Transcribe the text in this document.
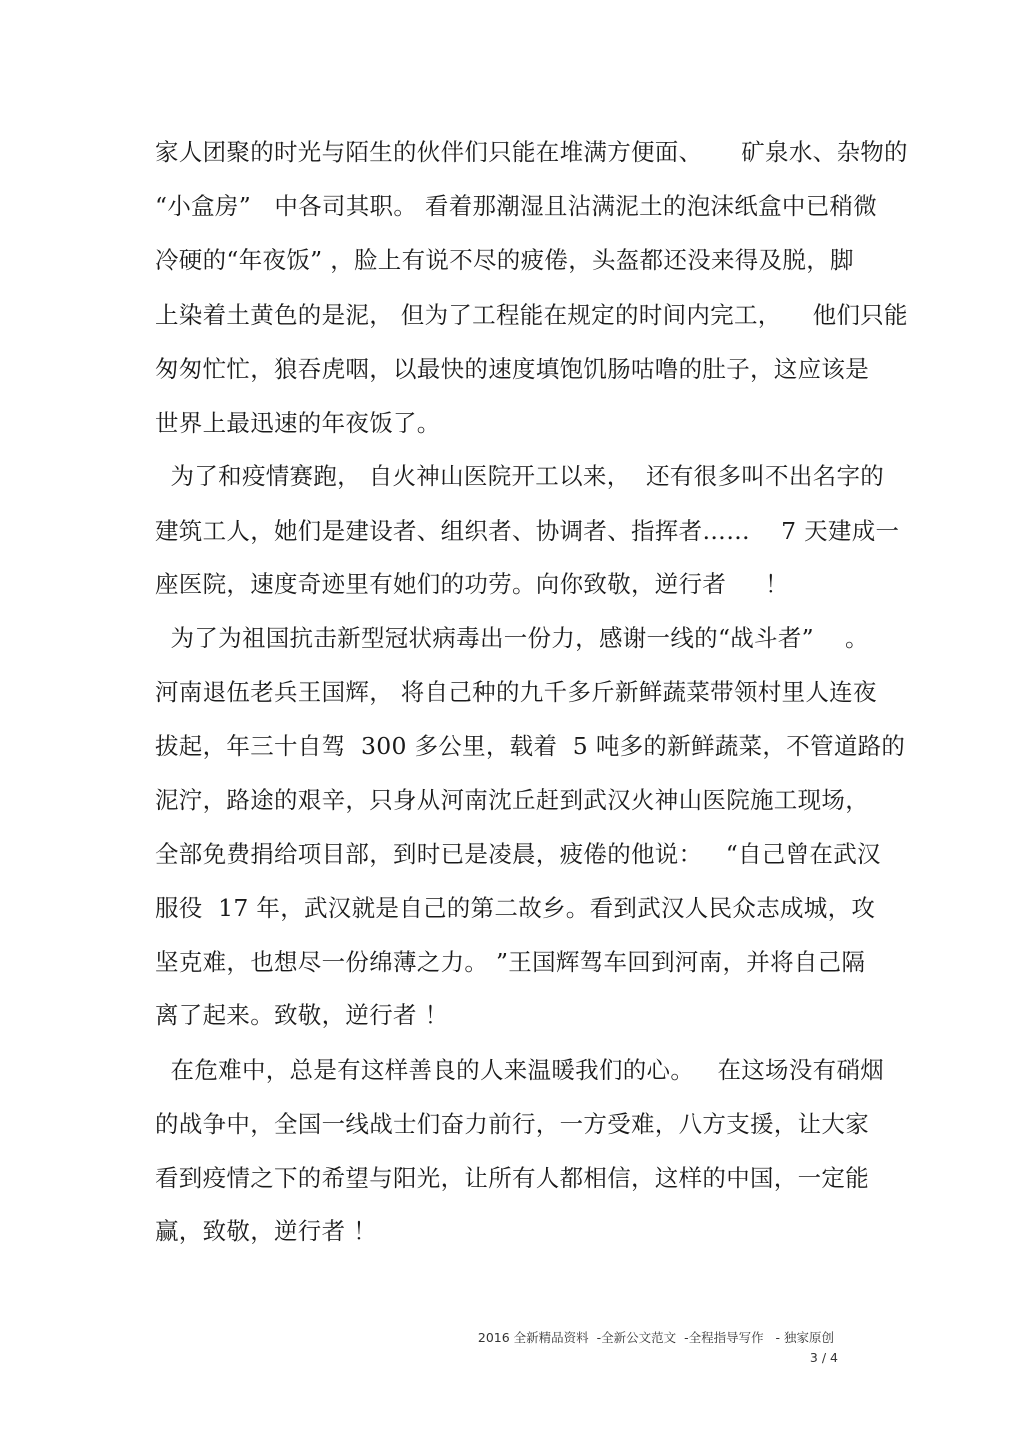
家人团聚的时光与陌生的伙伴们只能在堆满方便面、     矿泉水、杂物的
“小盒房”   中各司其职。 看着那潮湿且沾满泥土的泡沫纸盒中已稍微
冷硬的“年夜饭” ，脸上有说不尽的疲倦，头盔都还没来得及脱，脚
上染着土黄色的是泥， 但为了工程能在规定的时间内完工，    他们只能
匆匆忙忙，狼吞虎咽，以最快的速度填饱饥肠咕噜的肚子，这应该是
世界上最迅速的年夜饭了。
为了和疫情赛跑， 自火神山医院开工以来，  还有很多叫不出名字的
建筑工人，她们是建设者、组织者、协调者、指挥者……    7 天建成一
座医院，速度奇迹里有她们的功劳。向你致敬，逆行者     ！
为了为祖国抗击新型冠状病毒出一份力，感谢一线的“战斗者”    。
河南退伍老兵王国辉， 将自己种的九千多斤新鲜蔬菜带领村里人连夜
拔起，年三十自驾  300 多公里，载着  5 吨多的新鲜蔬菜，不管道路的
泥泞，路途的艰辛，只身从河南沈丘赶到武汉火神山医院施工现场，
全部免费捐给项目部，到时已是凌晨，疲倦的他说：   “自己曾在武汉
服役  17 年，武汉就是自己的第二故乡。看到武汉人民众志成城，攻
坚克难，也想尽一份绵薄之力。 ”王国辉驾车回到河南，并将自己隔
离了起来。致敬，逆行者 ！
在危难中，总是有这样善良的人来温暖我们的心。   在这场没有硝烟
的战争中，全国一线战士们奋力前行，一方受难，八方支援，让大家
看到疫情之下的希望与阳光，让所有人都相信，这样的中国，一定能
赢，致敬，逆行者 ！
2016 全新精品资料  -全新公文范文  -全程指导写作   - 独家原创
3 / 4
